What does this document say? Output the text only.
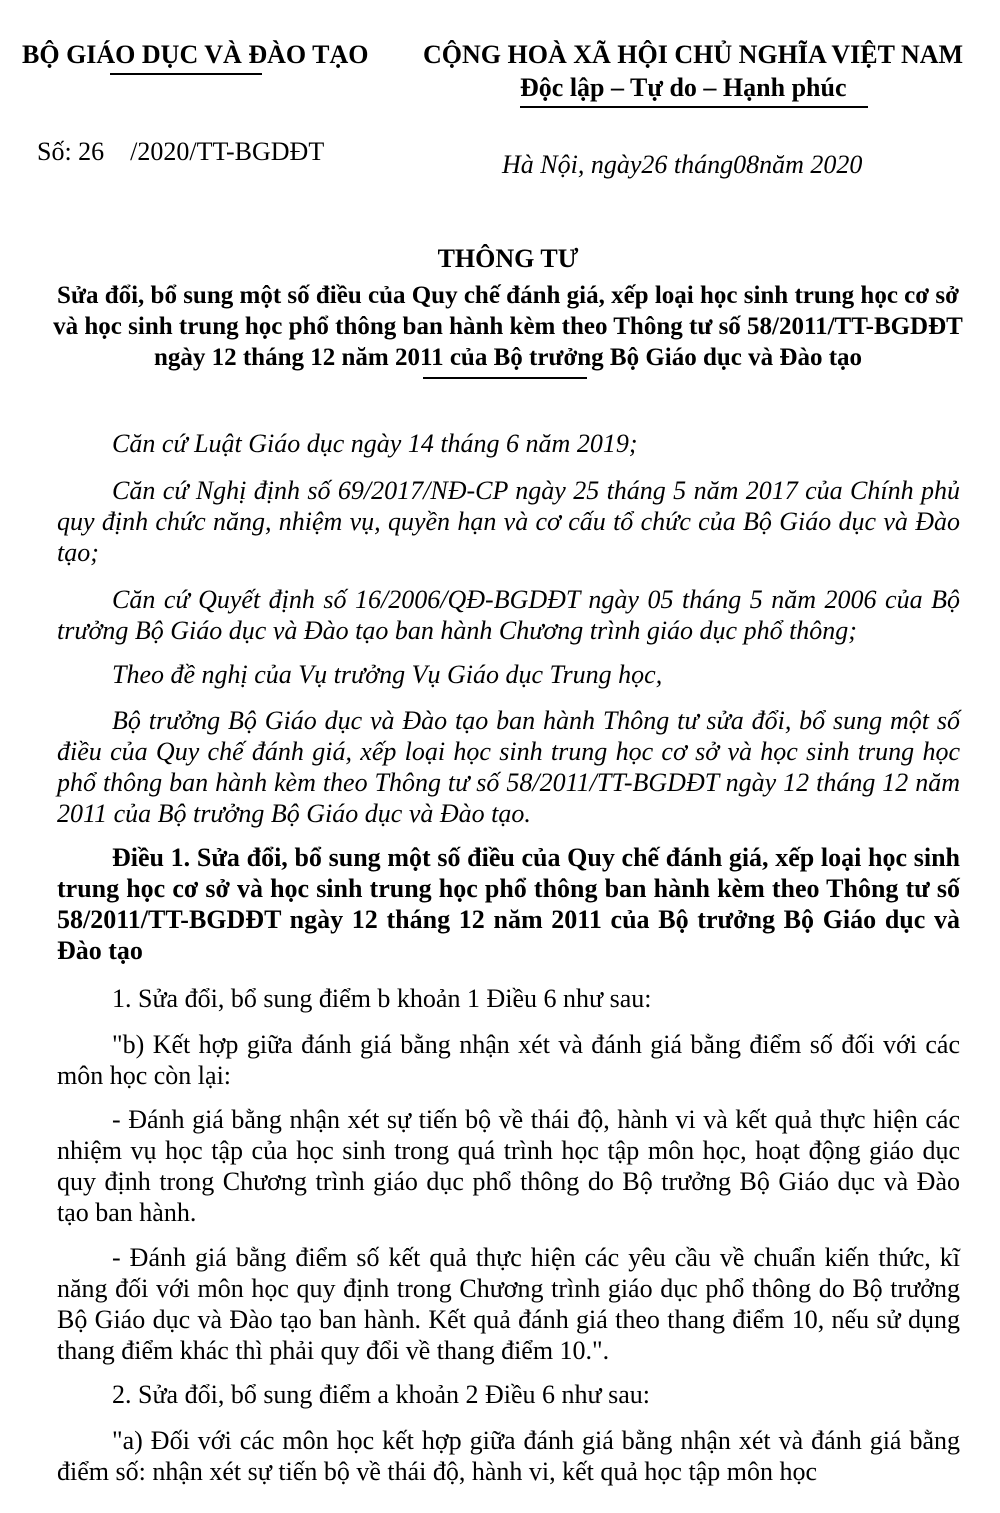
BỘ GIÁO DỤC VÀ ĐÀO TẠO CỘNG HOÀ XÃ HỘI CHỦ NGHĨA VIỆT NAM
Độc lập – Tự do – Hạnh phúc
Số: 26    /2020/TT-BGDĐT	Hà Nội, ngày26 tháng08năm 2020
THÔNG TƯ
Sửa đổi, bổ sung một số điều của Quy chế đánh giá, xếp loại học sinh trung học cơ sở
và học sinh trung học phổ thông ban hành kèm theo Thông tư số 58/2011/TT-BGDĐT
ngày 12 tháng 12 năm 2011 của Bộ trưởng Bộ Giáo dục và Đào tạo

Căn cứ Luật Giáo dục ngày 14 tháng 6 năm 2019;

Căn cứ Nghị định số 69/2017/NĐ-CP ngày 25 tháng 5 năm 2017 của Chính phủ quy định chức năng, nhiệm vụ, quyền hạn và cơ cấu tổ chức của Bộ Giáo dục và Đào tạo;

Căn cứ Quyết định số 16/2006/QĐ-BGDĐT ngày 05 tháng 5 năm 2006 của Bộ trưởng Bộ Giáo dục và Đào tạo ban hành Chương trình giáo dục phổ thông;

Theo đề nghị của Vụ trưởng Vụ Giáo dục Trung học,

Bộ trưởng Bộ Giáo dục và Đào tạo ban hành Thông tư sửa đổi, bổ sung một số điều của Quy chế đánh giá, xếp loại học sinh trung học cơ sở và học sinh trung học phổ thông ban hành kèm theo Thông tư số 58/2011/TT-BGDĐT ngày 12 tháng 12 năm 2011 của Bộ trưởng Bộ Giáo dục và Đào tạo.

Điều 1. Sửa đổi, bổ sung một số điều của Quy chế đánh giá, xếp loại học sinh trung học cơ sở và học sinh trung học phổ thông ban hành kèm theo Thông tư số 58/2011/TT-BGDĐT ngày 12 tháng 12 năm 2011 của Bộ trưởng Bộ Giáo dục và Đào tạo

1. Sửa đổi, bổ sung điểm b khoản 1 Điều 6 như sau:

"b) Kết hợp giữa đánh giá bằng nhận xét và đánh giá bằng điểm số đối với các môn học còn lại:

- Đánh giá bằng nhận xét sự tiến bộ về thái độ, hành vi và kết quả thực hiện các nhiệm vụ học tập của học sinh trong quá trình học tập môn học, hoạt động giáo dục quy định trong Chương trình giáo dục phổ thông do Bộ trưởng Bộ Giáo dục và Đào tạo ban hành.

- Đánh giá bằng điểm số kết quả thực hiện các yêu cầu về chuẩn kiến thức, kĩ năng đối với môn học quy định trong Chương trình giáo dục phổ thông do Bộ trưởng Bộ Giáo dục và Đào tạo ban hành. Kết quả đánh giá theo thang điểm 10, nếu sử dụng thang điểm khác thì phải quy đổi về thang điểm 10.".

2. Sửa đổi, bổ sung điểm a khoản 2 Điều 6 như sau:

"a) Đối với các môn học kết hợp giữa đánh giá bằng nhận xét và đánh giá bằng điểm số: nhận xét sự tiến bộ về thái độ, hành vi, kết quả học tập môn học
